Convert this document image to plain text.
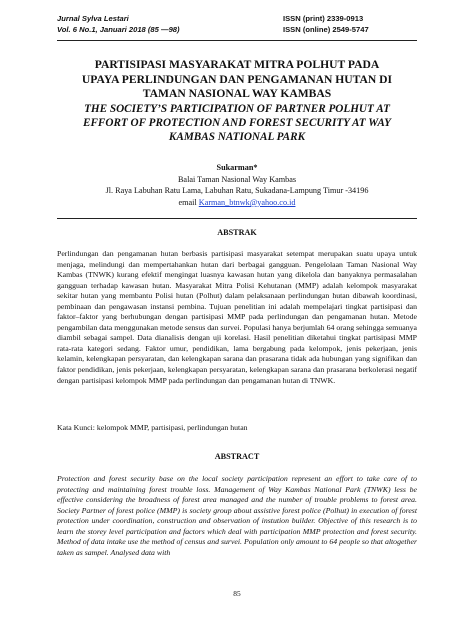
Jurnal Sylva Lestari
Vol. 6 No.1, Januari 2018 (85 —98)
ISSN (print) 2339-0913
ISSN (online) 2549-5747
PARTISIPASI MASYARAKAT MITRA POLHUT PADA
UPAYA PERLINDUNGAN DAN PENGAMANAN HUTAN DI
TAMAN NASIONAL WAY KAMBAS
THE SOCIETY’S PARTICIPATION OF PARTNER POLHUT AT
EFFORT OF PROTECTION AND FOREST SECURITY AT WAY
KAMBAS NATIONAL PARK
Sukarman*
Balai Taman Nasional Way Kambas
Jl. Raya Labuhan Ratu Lama, Labuhan Ratu, Sukadana-Lampung Timur -34196
email Karman_btnwk@yahoo.co.id
ABSTRAK
Perlindungan dan pengamanan hutan berbasis partisipasi masyarakat setempat merupakan suatu upaya untuk menjaga, melindungi dan mempertahankan hutan dari berbagai gangguan. Pengelolaan Taman Nasional Way Kambas (TNWK) kurang efektif mengingat luasnya kawasan hutan yang dikelola dan banyaknya permasalahan gangguan terhadap kawasan hutan. Masyarakat Mitra Polisi Kehutanan (MMP) adalah kelompok masyarakat sekitar hutan yang membantu Polisi hutan (Polhut) dalam pelaksanaan perlindungan hutan dibawah koordinasi, pembinaan dan pengawasan instansi pembina. Tujuan penelitian ini adalah mempelajari tingkat partisipasi dan faktor–faktor yang berhubungan dengan partisipasi MMP pada perlindungan dan pengamanan hutan. Metode pengambilan data menggunakan metode sensus dan survei. Populasi hanya berjumlah 64 orang sehingga semuanya diambil sebagai sampel. Data dianalisis dengan uji korelasi. Hasil penelitian diketahui tingkat partisipasi MMP rata-rata kategori sedang. Faktor umur, pendidikan, lama bergabung pada kelompok, jenis pekerjaan, jenis kelamin, kelengkapan persyaratan, dan kelengkapan sarana dan prasarana tidak ada hubungan yang signifikan dan faktor pendidikan, jenis pekerjaan, kelengkapan persyaratan, kelengkapan sarana dan prasarana berkolerasi negatif dengan partisipasi kelompok MMP pada perlindungan dan pengamanan hutan di TNWK.
Kata Kunci: kelompok MMP, partisipasi, perlindungan hutan
ABSTRACT
Protection and forest security base on the local society participation represent an effort to take care of to protecting and maintaining forest trouble loss. Management of Way Kambas National Park (TNWK) less be effective considering the broadness of forest area managed and the number of trouble problems to forest area. Society Partner of forest police (MMP) is society group about assistive forest police (Polhut) in execution of forest protection under coordination, construction and observation of instution builder. Objective of this research is to learn the storey level participation and factors which deal with participation MMP protection and forest security. Method of data intake use the method of census and survei. Population only amount to 64 people so that altogether taken as sampel. Analysed data with
85
